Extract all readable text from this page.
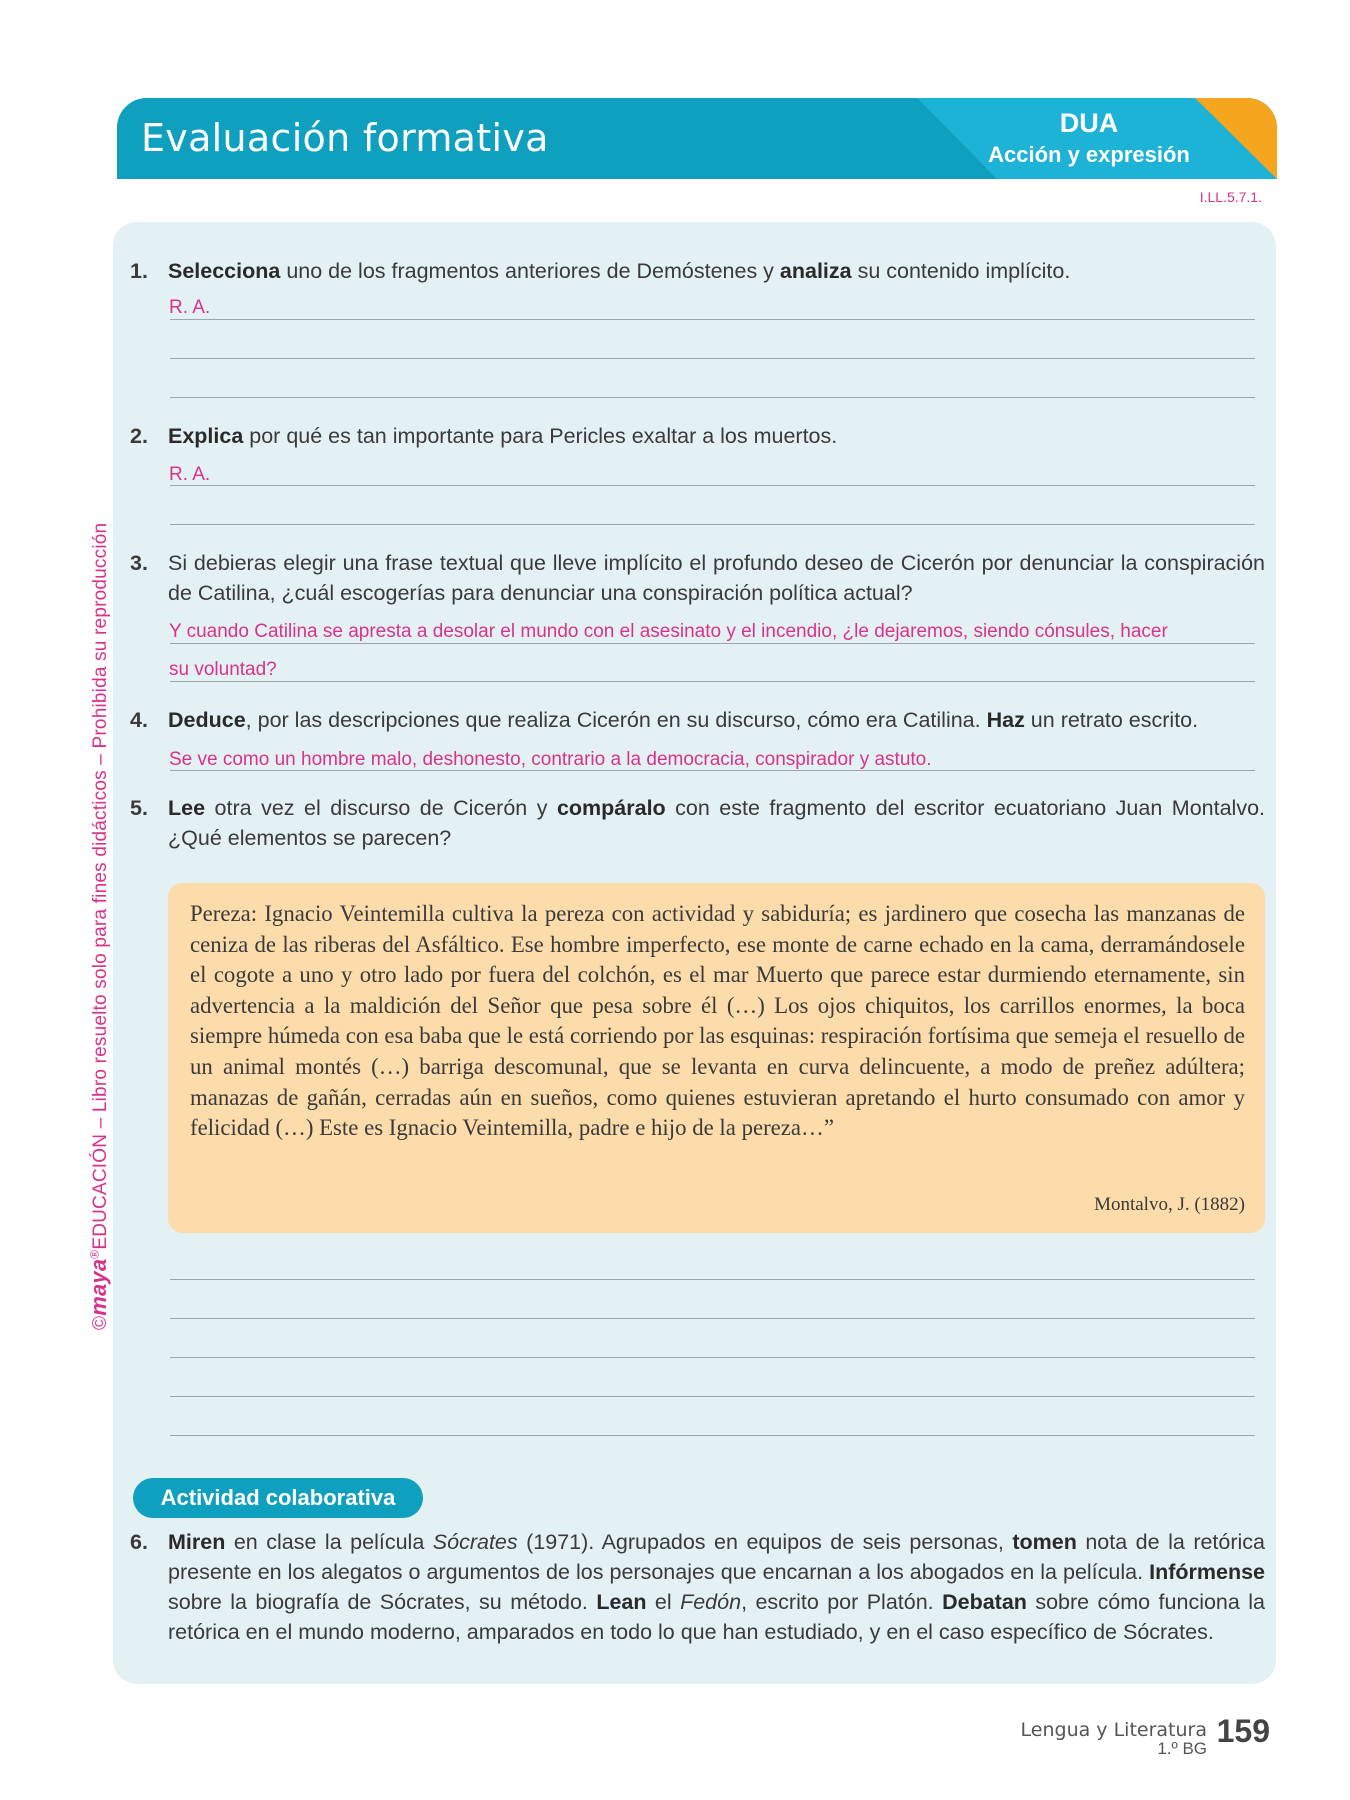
Evaluación formativa	DUA
Acción y expresión
I.LL.5.7.1.
©maya®EDUCACIÓN – Libro resuelto solo para fines didácticos – Prohibida su reproducción
1. Selecciona uno de los fragmentos anteriores de Demóstenes y analiza su contenido implícito.
R. A.
2. Explica por qué es tan importante para Pericles exaltar a los muertos.
R. A.
3. Si debieras elegir una frase textual que lleve implícito el profundo deseo de Cicerón por denunciar la conspiración de Catilina, ¿cuál escogerías para denunciar una conspiración política actual?
Y cuando Catilina se apresta a desolar el mundo con el asesinato y el incendio, ¿le dejaremos, siendo cónsules, hacer
su voluntad?
4. Deduce, por las descripciones que realiza Cicerón en su discurso, cómo era Catilina. Haz un retrato escrito.
Se ve como un hombre malo, deshonesto, contrario a la democracia, conspirador y astuto.
5. Lee otra vez el discurso de Cicerón y compáralo con este fragmento del escritor ecuatoriano Juan Montalvo. ¿Qué elementos se parecen?
Pereza: Ignacio Veintemilla cultiva la pereza con actividad y sabiduría; es jardinero que cosecha las manzanas de ceniza de las riberas del Asfáltico. Ese hombre imperfecto, ese monte de carne echado en la cama, derramándosele el cogote a uno y otro lado por fuera del colchón, es el mar Muerto que parece estar durmiendo eternamente, sin advertencia a la maldición del Señor que pesa sobre él (…) Los ojos chiquitos, los carrillos enormes, la boca siempre húmeda con esa baba que le está corriendo por las esquinas: respiración fortísima que semeja el resuello de un animal montés (…) barriga descomunal, que se levanta en curva delincuente, a modo de preñez adúltera; manazas de gañán, cerradas aún en sueños, como quienes estuvieran apretando el hurto consumado con amor y felicidad (…) Este es Ignacio Veintemilla, padre e hijo de la pereza…”
Montalvo, J. (1882)
Actividad colaborativa
6. Miren en clase la película Sócrates (1971). Agrupados en equipos de seis personas, tomen nota de la retórica presente en los alegatos o argumentos de los personajes que encarnan a los abogados en la película. Infórmense sobre la biografía de Sócrates, su método. Lean el Fedón, escrito por Platón. Debatan sobre cómo funciona la retórica en el mundo moderno, amparados en todo lo que han estudiado, y en el caso específico de Sócrates.
Lengua y Literatura
1.º BG 159
